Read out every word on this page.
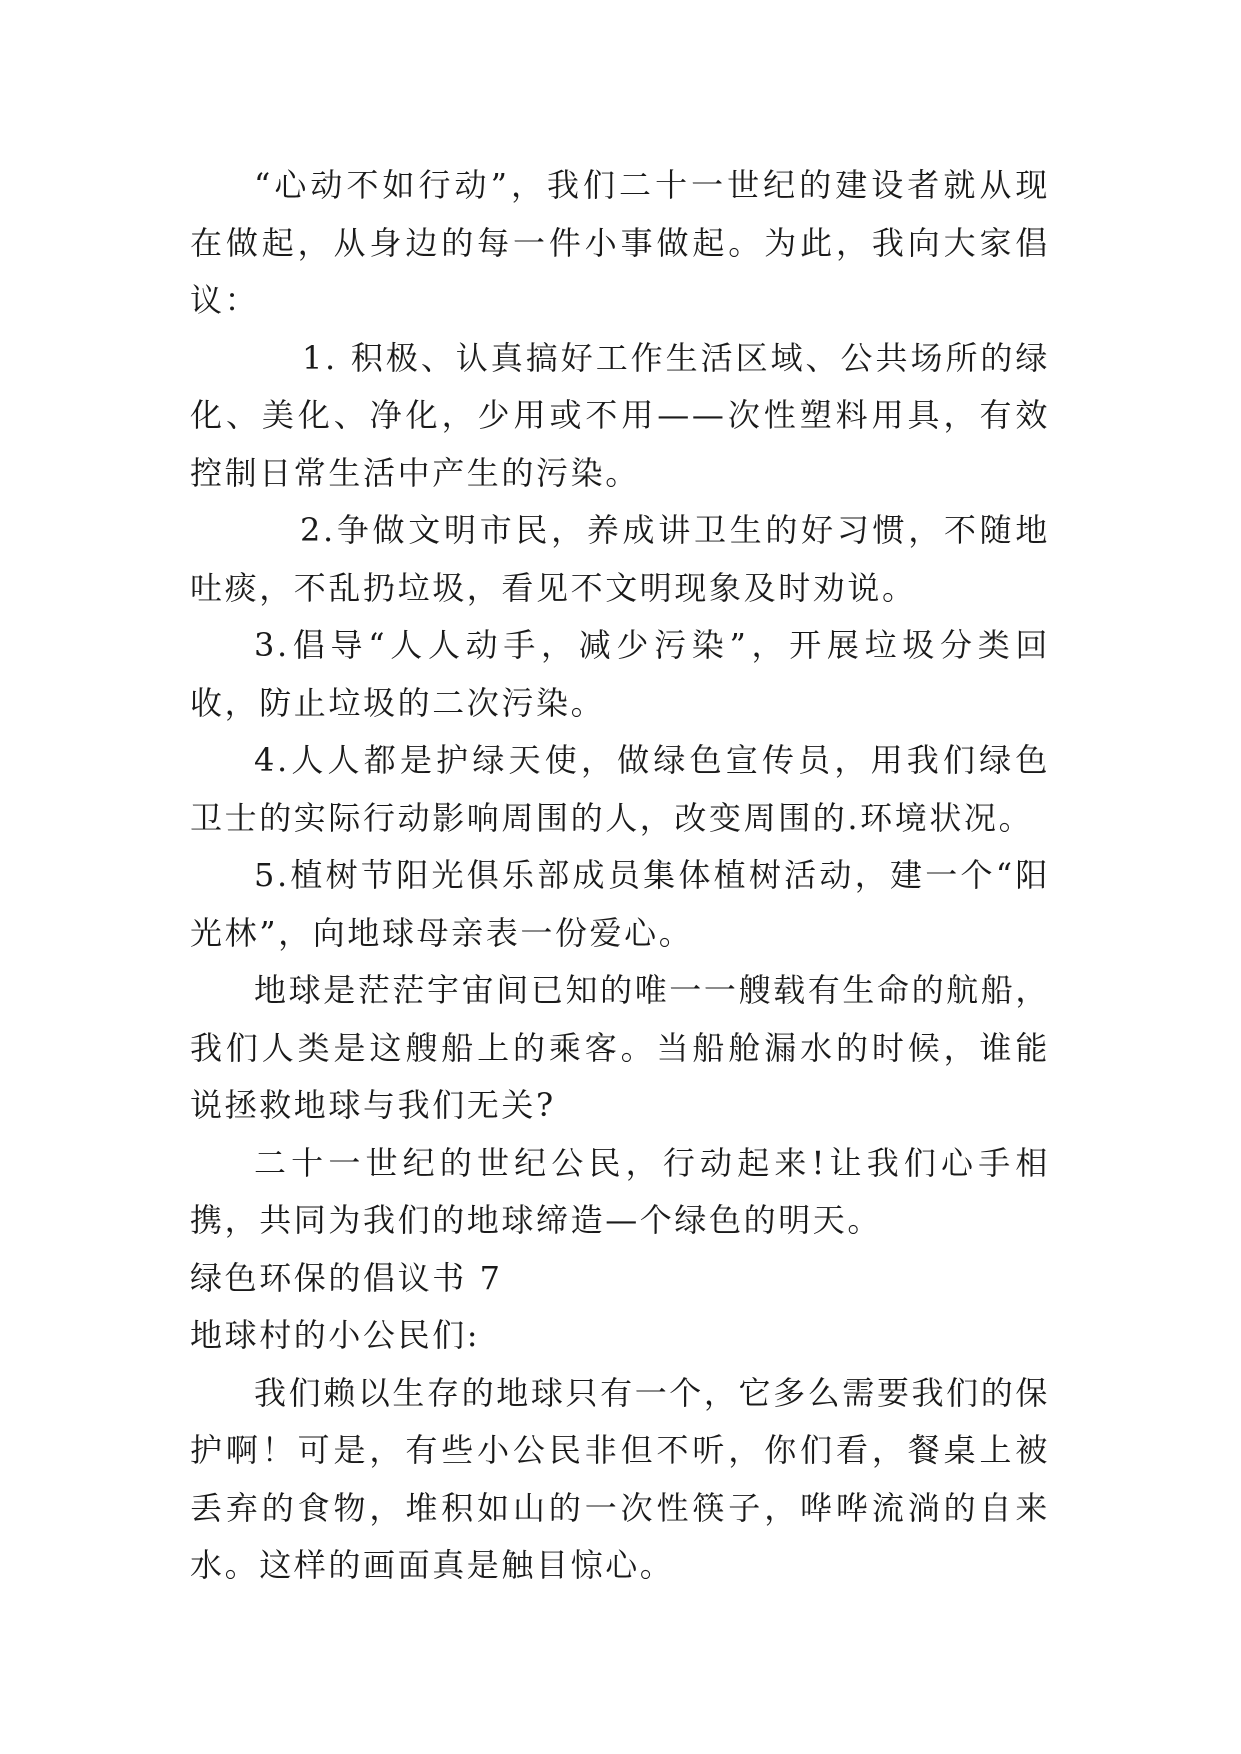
“心动不如行动”，我们二十一世纪的建设者就从现在做起，从身边的每一件小事做起。为此，我向大家倡议：

1. 积极、认真搞好工作生活区域、公共场所的绿化、美化、净化，少用或不用——次性塑料用具，有效控制日常生活中产生的污染。

2.争做文明市民，养成讲卫生的好习惯，不随地吐痰，不乱扔垃圾，看见不文明现象及时劝说。

3.倡导“人人动手，减少污染”，开展垃圾分类回收，防止垃圾的二次污染。

4.人人都是护绿天使，做绿色宣传员，用我们绿色卫士的实际行动影响周围的人，改变周围的.环境状况。

5.植树节阳光俱乐部成员集体植树活动，建一个“阳光林”，向地球母亲表一份爱心。

地球是茫茫宇宙间已知的唯一一艘载有生命的航船，我们人类是这艘船上的乘客。当船舱漏水的时候，谁能说拯救地球与我们无关?

二十一世纪的世纪公民，行动起来!让我们心手相携，共同为我们的地球缔造—个绿色的明天。

绿色环保的倡议书 7

地球村的小公民们:

我们赖以生存的地球只有一个，它多么需要我们的保护啊！可是，有些小公民非但不听，你们看，餐桌上被丢弃的食物，堆积如山的一次性筷子，哗哗流淌的自来水。这样的画面真是触目惊心。
